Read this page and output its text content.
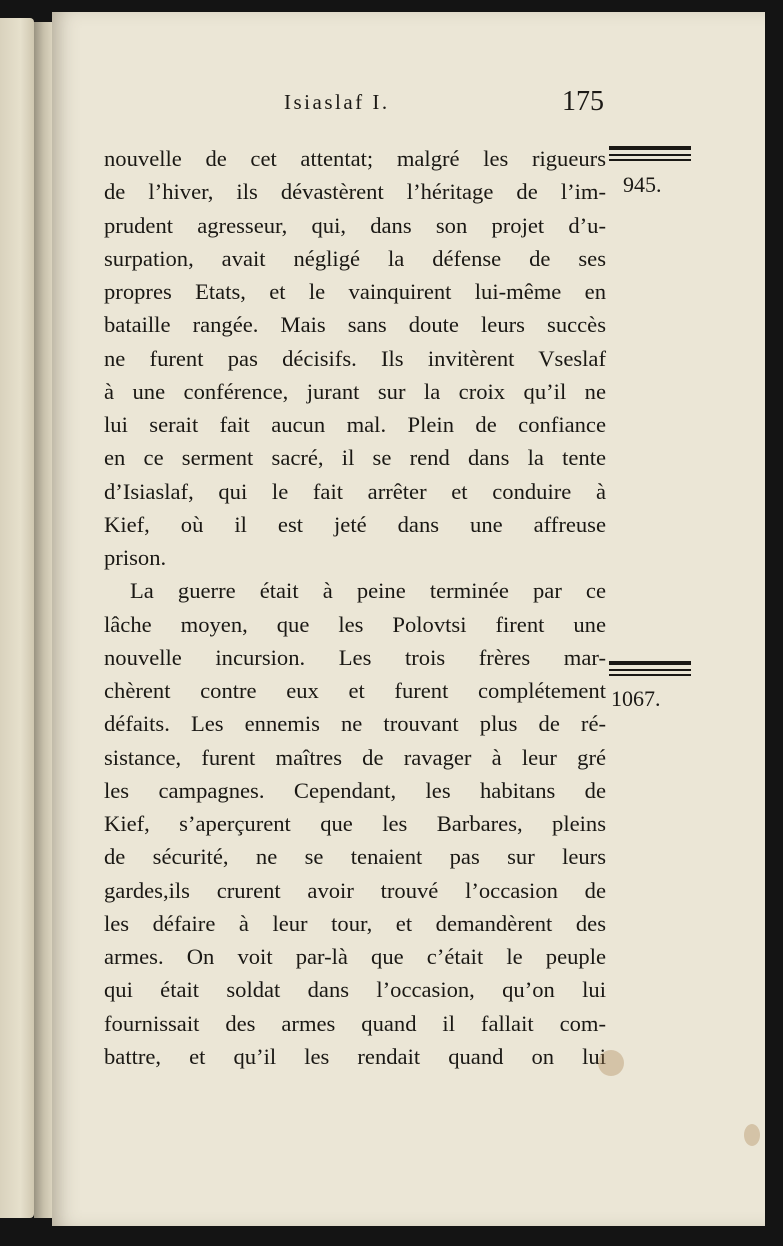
Isiaslaf I.	175
945.
1067.
nouvelle de cet attentat; malgré les rigueurs
de l’hiver, ils dévastèrent l’héritage de l’im-
prudent agresseur, qui, dans son projet d’u-
surpation, avait négligé la défense de ses
propres Etats, et le vainquirent lui-même en
bataille rangée. Mais sans doute leurs succès
ne furent pas décisifs. Ils invitèrent Vseslaf
à une conférence, jurant sur la croix qu’il ne
lui serait fait aucun mal. Plein de confiance
en ce serment sacré, il se rend dans la tente
d’Isiaslaf, qui le fait arrêter et conduire à
Kief, où il est jeté dans une affreuse
prison.
La guerre était à peine terminée par ce
lâche moyen, que les Polovtsi firent une
nouvelle incursion. Les trois frères mar-
chèrent contre eux et furent complétement
défaits. Les ennemis ne trouvant plus de ré-
sistance, furent maîtres de ravager à leur gré
les campagnes. Cependant, les habitans de
Kief, s’aperçurent que les Barbares, pleins
de sécurité, ne se tenaient pas sur leurs
gardes,ils crurent avoir trouvé l’occasion de
les défaire à leur tour, et demandèrent des
armes. On voit par-là que c’était le peuple
qui était soldat dans l’occasion, qu’on lui
fournissait des armes quand il fallait com-
battre, et qu’il les rendait quand on lui
